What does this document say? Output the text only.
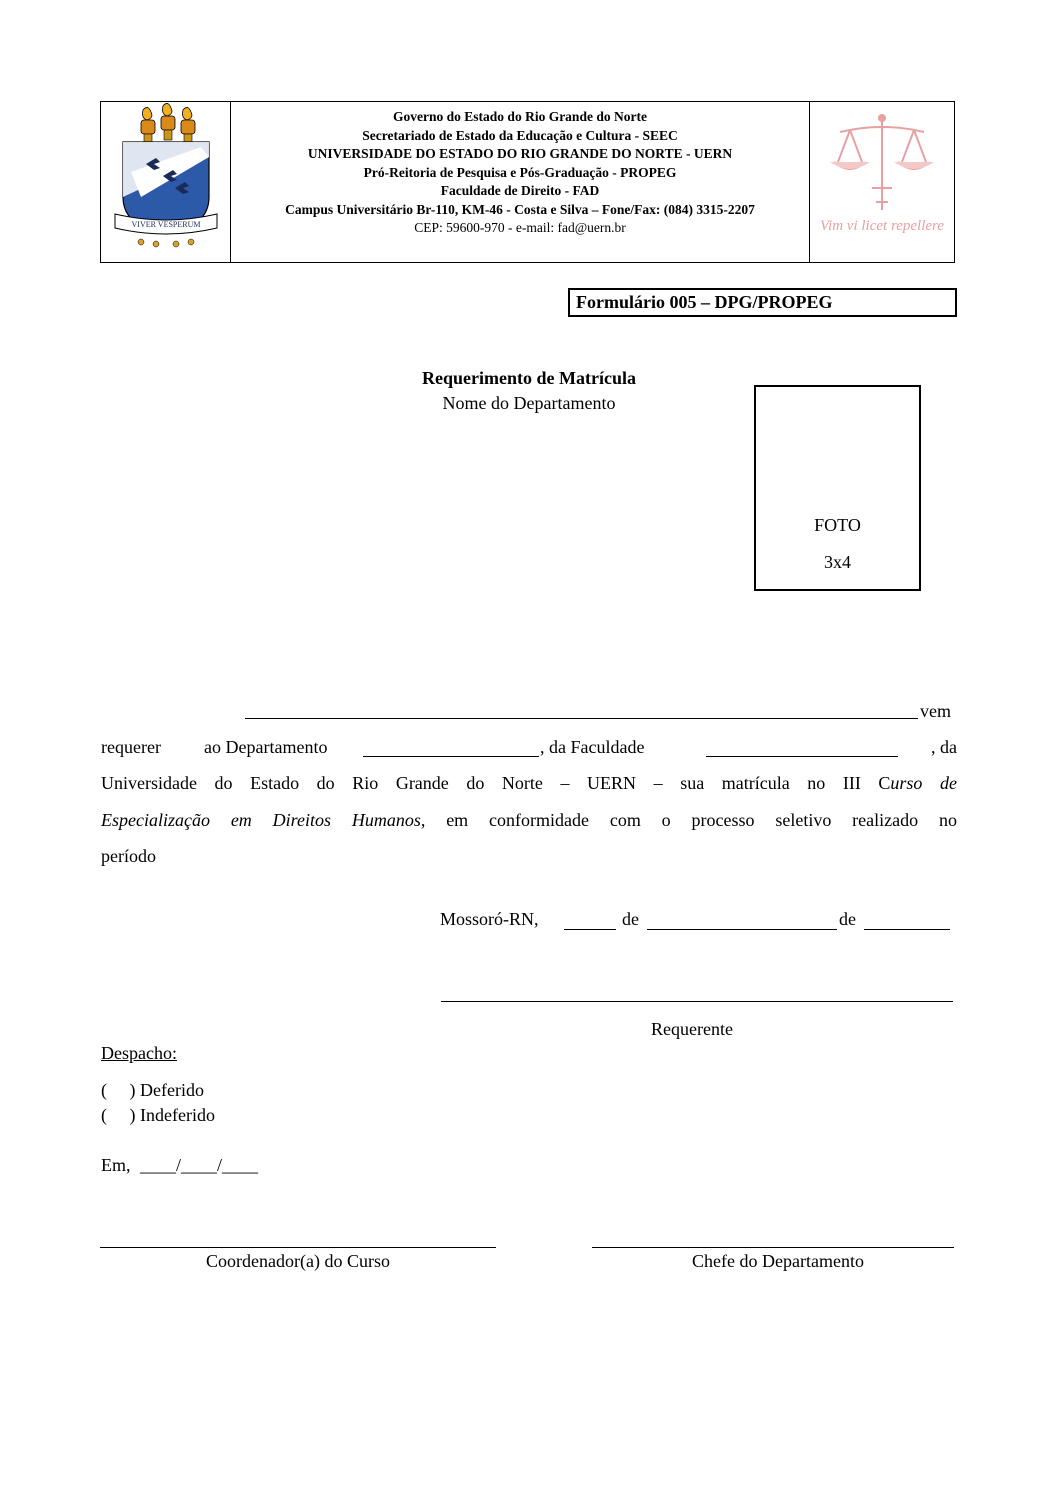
VIVER VESPERUM
Governo do Estado do Rio Grande do Norte
Secretariado de Estado da Educação e Cultura - SEEC
UNIVERSIDADE DO ESTADO DO RIO GRANDE DO NORTE - UERN
Pró-Reitoria de Pesquisa e Pós-Graduação - PROPEG
Faculdade de Direito - FAD
Campus Universitário Br-110, KM-46 - Costa e Silva – Fone/Fax: (084) 3315-2207
CEP: 59600-970 - e-mail: fad@uern.br	Vim vi licet repellere
Formulário 005 – DPG/PROPEG
Requerimento de Matrícula
Nome do Departamento
FOTO
3x4
vem
requerer ao Departamento	, da Faculdade	, da
Universidade do Estado do Rio Grande do Norte – UERN – sua matrícula no III Curso de
Especialização em Direitos Humanos, em conformidade com o processo seletivo realizado no
período
Mossoró-RN,	de	de
Requerente
Despacho:
(     ) Deferido
(     ) Indeferido
Em, ____/____/____
Coordenador(a) do Curso	Chefe do Departamento
